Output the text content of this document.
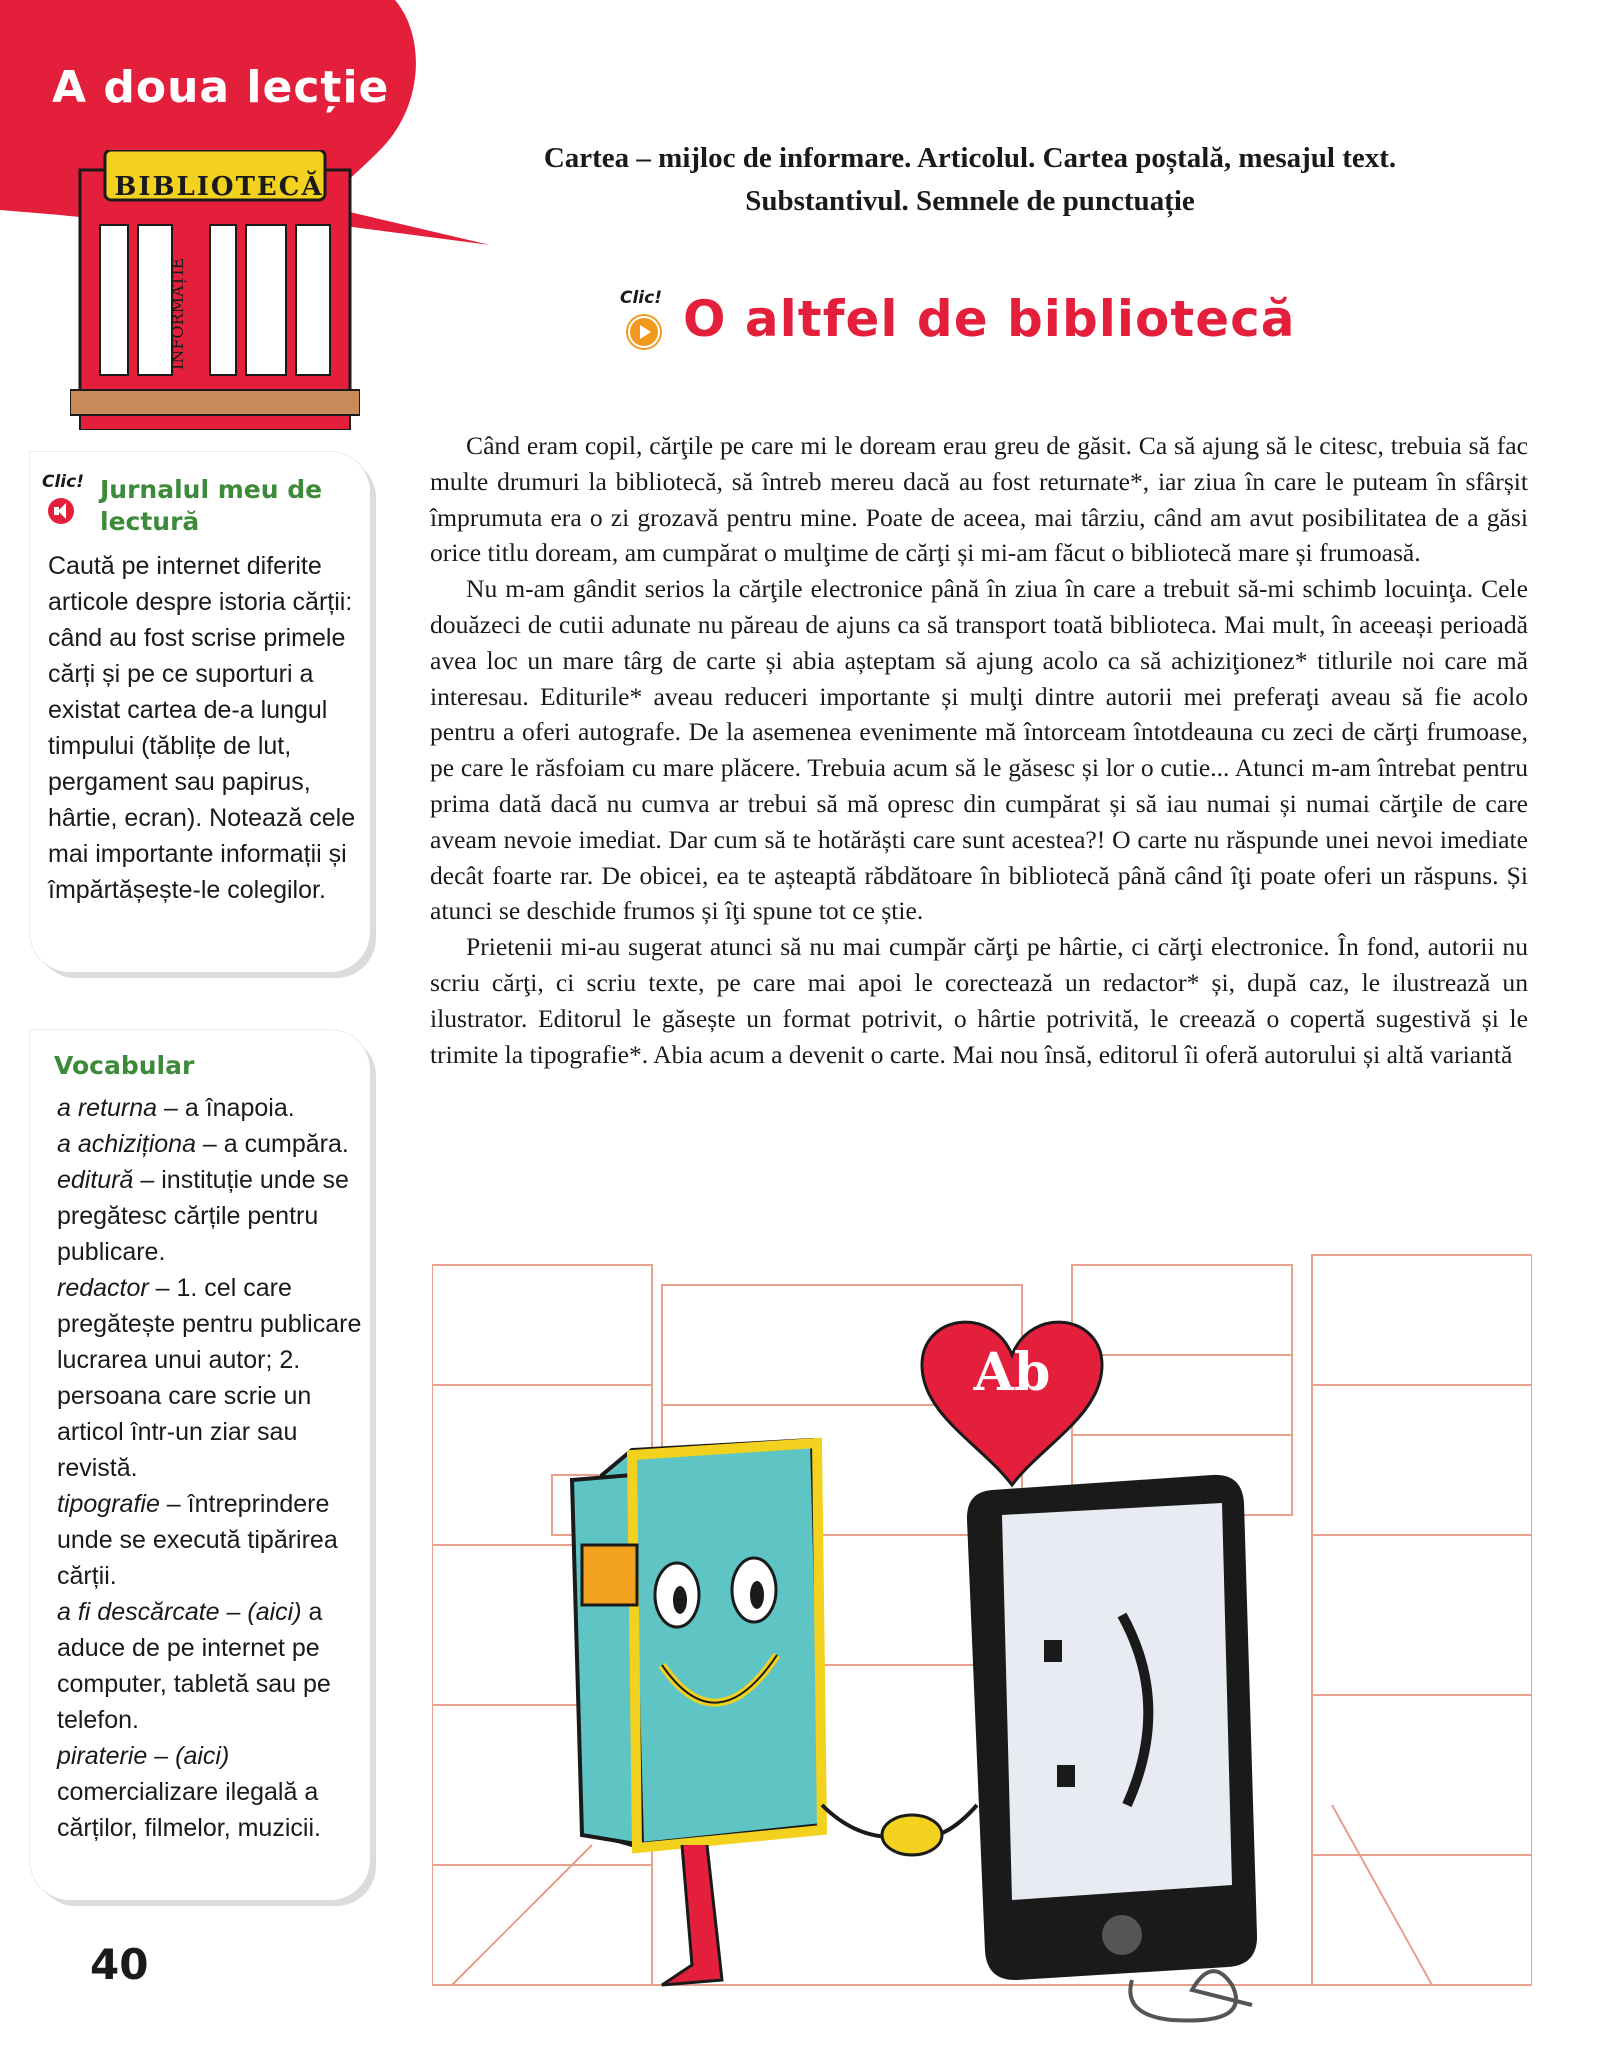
A doua lecție
BIBLIOTECĂ
INFORMAȚIE
Cartea – mijloc de informare. Articolul. Cartea poștală, mesajul text.
Substantivul. Semnele de punctuație
Clic! O altfel de bibliotecă

Când eram copil, cărţile pe care mi le doream erau greu de găsit. Ca să ajung să le citesc, trebuia să fac multe drumuri la bibliotecă, să întreb mereu dacă au fost returnate*, iar ziua în care le puteam în sfârșit împrumuta era o zi grozavă pentru mine. Poate de aceea, mai târziu, când am avut posibilitatea de a găsi orice titlu doream, am cumpărat o mulţime de cărţi și mi-am făcut o bibliotecă mare și frumoasă.

Nu m-am gândit serios la cărţile electronice până în ziua în care a trebuit să-mi schimb locuinţa. Cele douăzeci de cutii adunate nu păreau de ajuns ca să transport toată biblioteca. Mai mult, în aceeași perioadă avea loc un mare târg de carte și abia așteptam să ajung acolo ca să achiziţionez* titlurile noi care mă interesau. Editurile* aveau reduceri importante și mulţi dintre autorii mei preferaţi aveau să fie acolo pentru a oferi autografe. De la asemenea evenimente mă întorceam întotdeauna cu zeci de cărţi frumoase, pe care le răsfoiam cu mare plăcere. Trebuia acum să le găsesc și lor o cutie... Atunci m-am întrebat pentru prima dată dacă nu cumva ar trebui să mă opresc din cumpărat și să iau numai și numai cărţile de care aveam nevoie imediat. Dar cum să te hotărăști care sunt acestea?! O carte nu răspunde unei nevoi imediate decât foarte rar. De obicei, ea te așteaptă răbdătoare în bibliotecă până când îţi poate oferi un răspuns. Și atunci se deschide frumos și îţi spune tot ce știe.

Prietenii mi-au sugerat atunci să nu mai cumpăr cărţi pe hârtie, ci cărţi electronice. În fond, autorii nu scriu cărţi, ci scriu texte, pe care mai apoi le corectează un redactor* și, după caz, le ilustrează un ilustrator. Editorul le găsește un format potrivit, o hârtie potrivită, le creează o copertă sugestivă și le trimite la tipografie*. Abia acum a devenit o carte. Mai nou însă, editorul îi oferă autorului și altă variantă

Clic! Jurnalul meu de lectură
Caută pe internet diferite articole despre istoria cărții: când au fost scrise primele cărți și pe ce suporturi a existat cartea de-a lungul timpului (tăblițe de lut, pergament sau papirus, hârtie, ecran). Notează cele mai importante informații și împărtășește-le colegilor.
Vocabular
a returna – a înapoia.
a achiziționa – a cumpăra.
editură – instituție unde se pregătesc cărțile pentru publicare.
redactor – 1. cel care pregătește pentru publicare lucrarea unui autor; 2. persoana care scrie un articol într-un ziar sau revistă.
tipografie – întreprindere unde se execută tipărirea cărții.
a fi descărcate – (aici) a aduce de pe internet pe computer, tabletă sau pe telefon.
piraterie – (aici) comercializare ilegală a cărților, filmelor, muzicii.
40
Ab
